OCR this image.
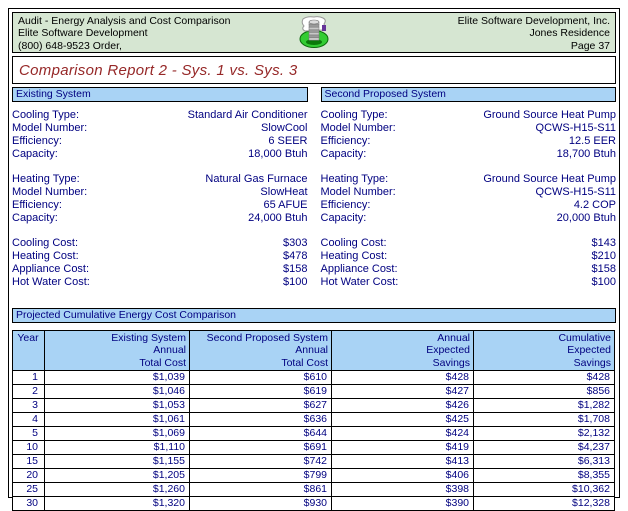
Audit - Energy Analysis and Cost Comparison
Elite Software Development
(800) 648-9523 Order,
Elite Software Development, Inc.
Jones Residence
Page 37
Comparison Report 2 - Sys. 1 vs. Sys. 3
Existing System
Cooling Type:	Standard Air Conditioner
Model Number:	SlowCool
Efficiency:	6 SEER
Capacity:	18,000 Btuh
Heating Type:	Natural Gas Furnace
Model Number:	SlowHeat
Efficiency:	65 AFUE
Capacity:	24,000 Btuh
Cooling Cost:	$303
Heating Cost:	$478
Appliance Cost:	$158
Hot Water Cost:	$100
Second Proposed System
Cooling Type:	Ground Source Heat Pump
Model Number:	QCWS-H15-S11
Efficiency:	12.5 EER
Capacity:	18,700 Btuh
Heating Type:	Ground Source Heat Pump
Model Number:	QCWS-H15-S11
Efficiency:	4.2 COP
Capacity:	20,000 Btuh
Cooling Cost:	$143
Heating Cost:	$210
Appliance Cost:	$158
Hot Water Cost:	$100
Projected Cumulative Energy Cost Comparison
Year	Existing System
Annual
Total Cost	Second Proposed System
Annual
Total Cost	Annual
Expected
Savings	Cumulative
Expected
Savings
1	$1,039	$610	$428	$428
2	$1,046	$619	$427	$856
3	$1,053	$627	$426	$1,282
4	$1,061	$636	$425	$1,708
5	$1,069	$644	$424	$2,132
10	$1,110	$691	$419	$4,237
15	$1,155	$742	$413	$6,313
20	$1,205	$799	$406	$8,355
25	$1,260	$861	$398	$10,362
30	$1,320	$930	$390	$12,328
